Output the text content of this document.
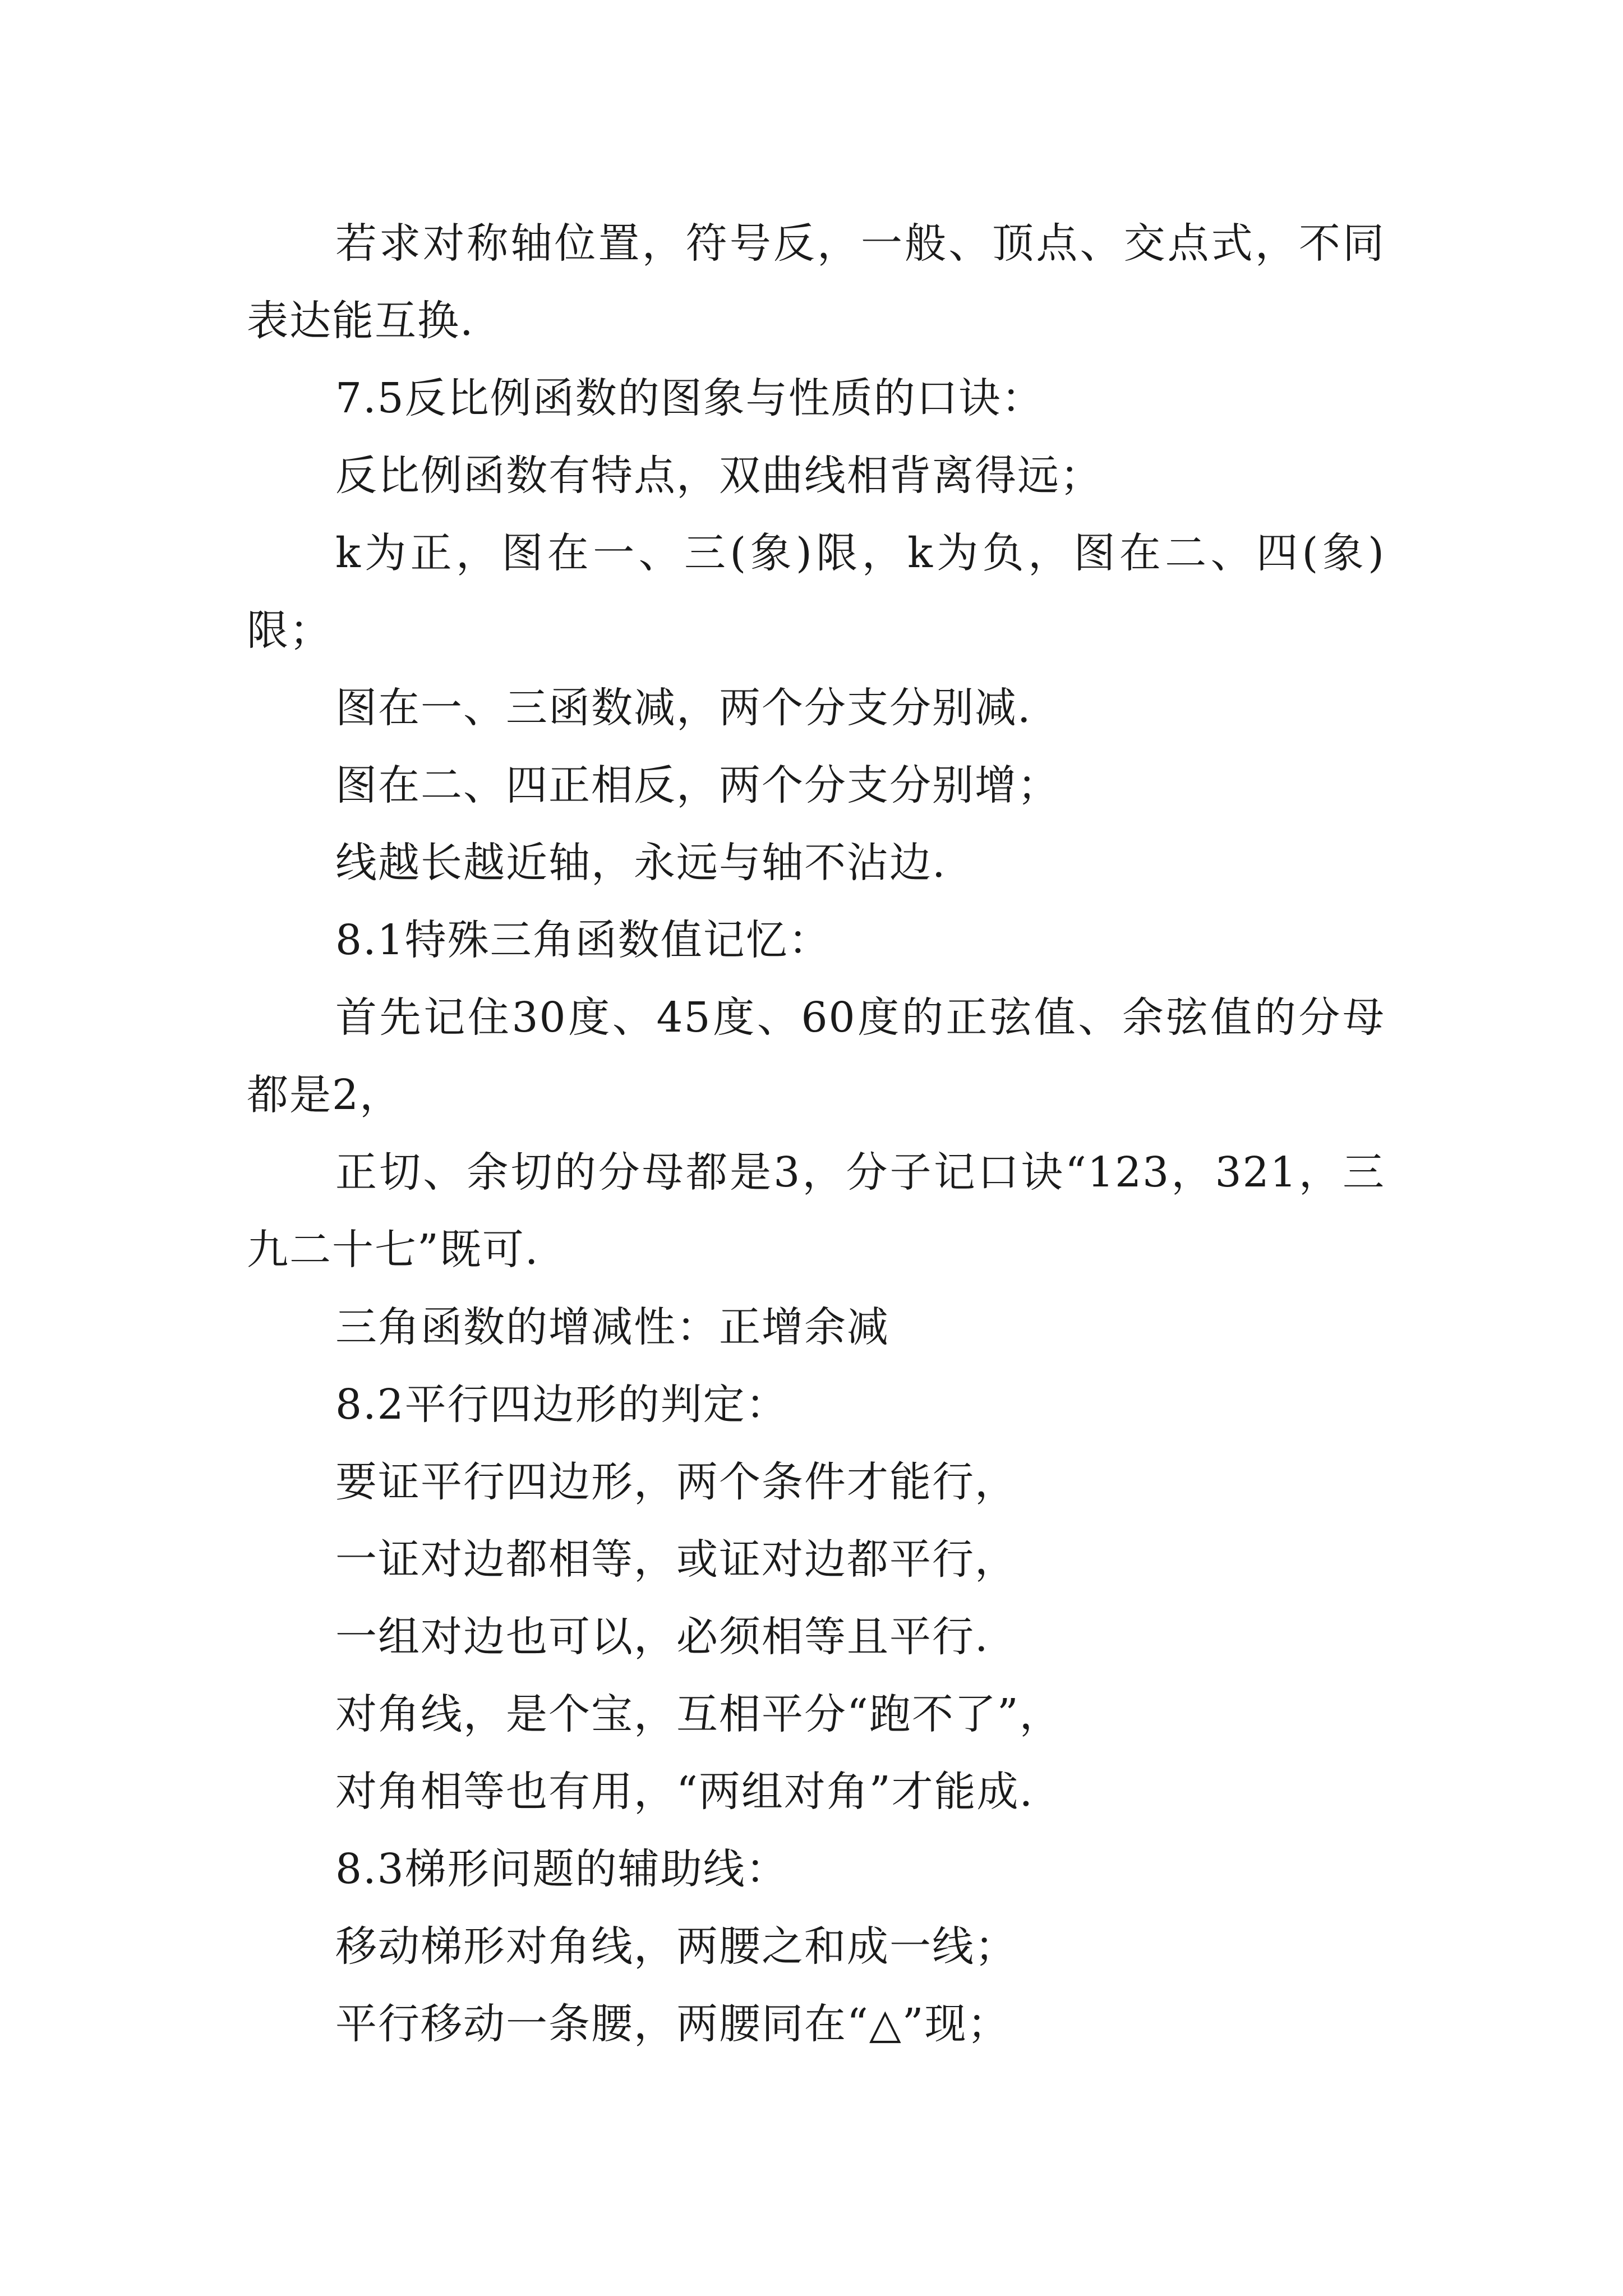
若求对称轴位置，符号反，一般、顶点、交点式，不同表达能互换.

7.5反比例函数的图象与性质的口诀：

反比例函数有特点，双曲线相背离得远；

k为正，图在一、三(象)限，k为负，图在二、四(象)限；

图在一、三函数减，两个分支分别减.

图在二、四正相反，两个分支分别增；

线越长越近轴，永远与轴不沾边.

8.1特殊三角函数值记忆：

首先记住30度、45度、60度的正弦值、余弦值的分母都是2，

正切、余切的分母都是3，分子记口诀“123，321，三九二十七”既可.

三角函数的增减性：正增余减

8.2平行四边形的判定：

要证平行四边形，两个条件才能行，

一证对边都相等，或证对边都平行，

一组对边也可以，必须相等且平行.

对角线，是个宝，互相平分“跑不了”，

对角相等也有用，“两组对角”才能成.

8.3梯形问题的辅助线：

移动梯形对角线，两腰之和成一线；

平行移动一条腰，两腰同在“△”现；
